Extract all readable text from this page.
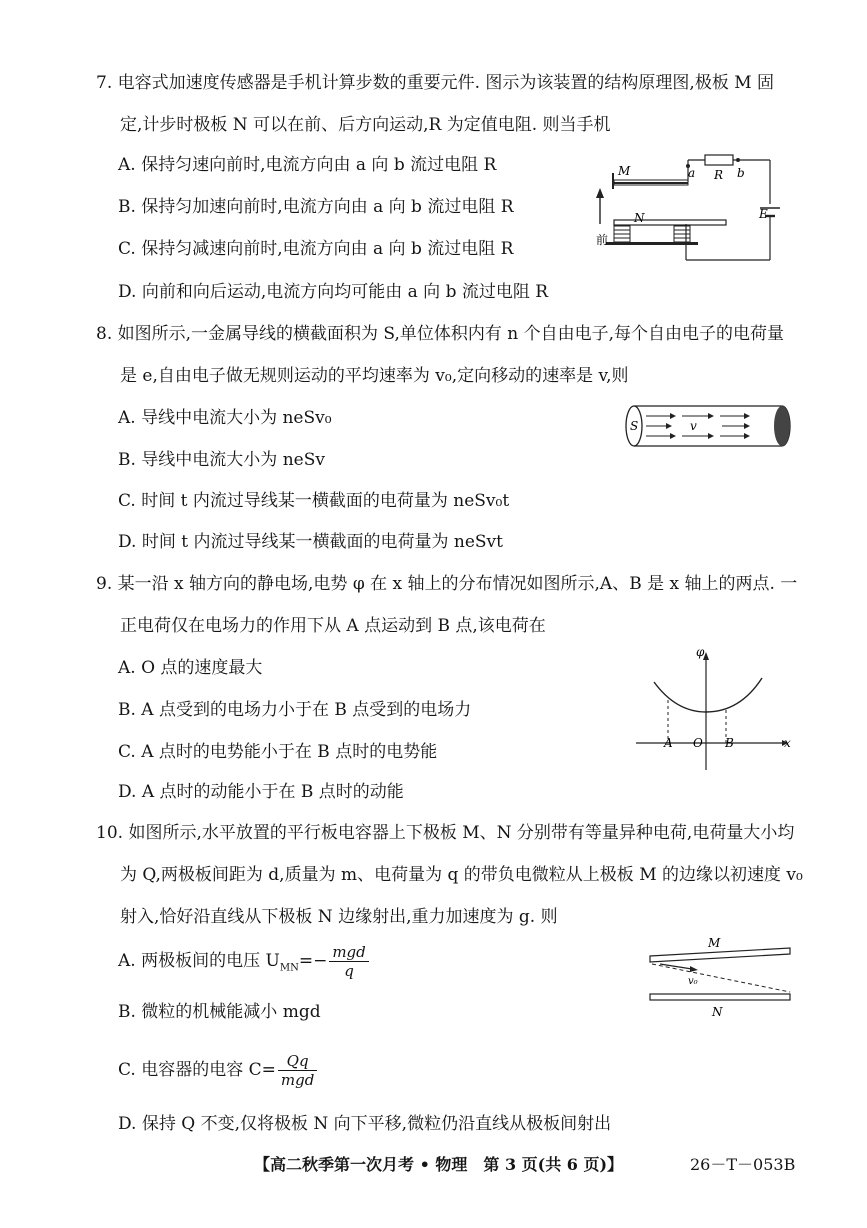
7. 电容式加速度传感器是手机计算步数的重要元件. 图示为该装置的结构原理图,极板 M 固
定,计步时极板 N 可以在前、后方向运动,R 为定值电阻. 则当手机
A. 保持匀速向前时,电流方向由 a 向 b 流过电阻 R
B. 保持匀加速向前时,电流方向由 a 向 b 流过电阻 R
C. 保持匀减速向前时,电流方向由 a 向 b 流过电阻 R
D. 向前和向后运动,电流方向均可能由 a 向 b 流过电阻 R
前
M	a R b
E
N
8. 如图所示,一金属导线的横截面积为 S,单位体积内有 n 个自由电子,每个自由电子的电荷量
是 e,自由电子做无规则运动的平均速率为 v₀,定向移动的速率是 v,则
A. 导线中电流大小为 neSv₀
B. 导线中电流大小为 neSv
C. 时间 t 内流过导线某一横截面的电荷量为 neSv₀t
D. 时间 t 内流过导线某一横截面的电荷量为 neSvt
S	v
9. 某一沿 x 轴方向的静电场,电势 φ 在 x 轴上的分布情况如图所示,A、B 是 x 轴上的两点. 一
正电荷仅在电场力的作用下从 A 点运动到 B 点,该电荷在
A. O 点的速度最大
B. A 点受到的电场力小于在 B 点受到的电场力
C. A 点时的电势能小于在 B 点时的电势能
D. A 点时的动能小于在 B 点时的动能
φ
A O B	x
10. 如图所示,水平放置的平行板电容器上下极板 M、N 分别带有等量异种电荷,电荷量大小均
为 Q,两极板间距为 d,质量为 m、电荷量为 q 的带负电微粒从上极板 M 的边缘以初速度 v₀
射入,恰好沿直线从下极板 N 边缘射出,重力加速度为 g. 则
A. 两极板间的电压 $U_{MN}=- \frac{\text{mgd}}{q}$
B. 微粒的机械能减小 mgd
C. 电容器的电容 $C= \frac{Qq}{\text{mgd}}$
D. 保持 Q 不变,仅将极板 N 向下平移,微粒仍沿直线从极板间射出
M
N
v₀
【高二秋季第一次月考 • 物理　第 3 页(共 6 页)】	26－T－053B
